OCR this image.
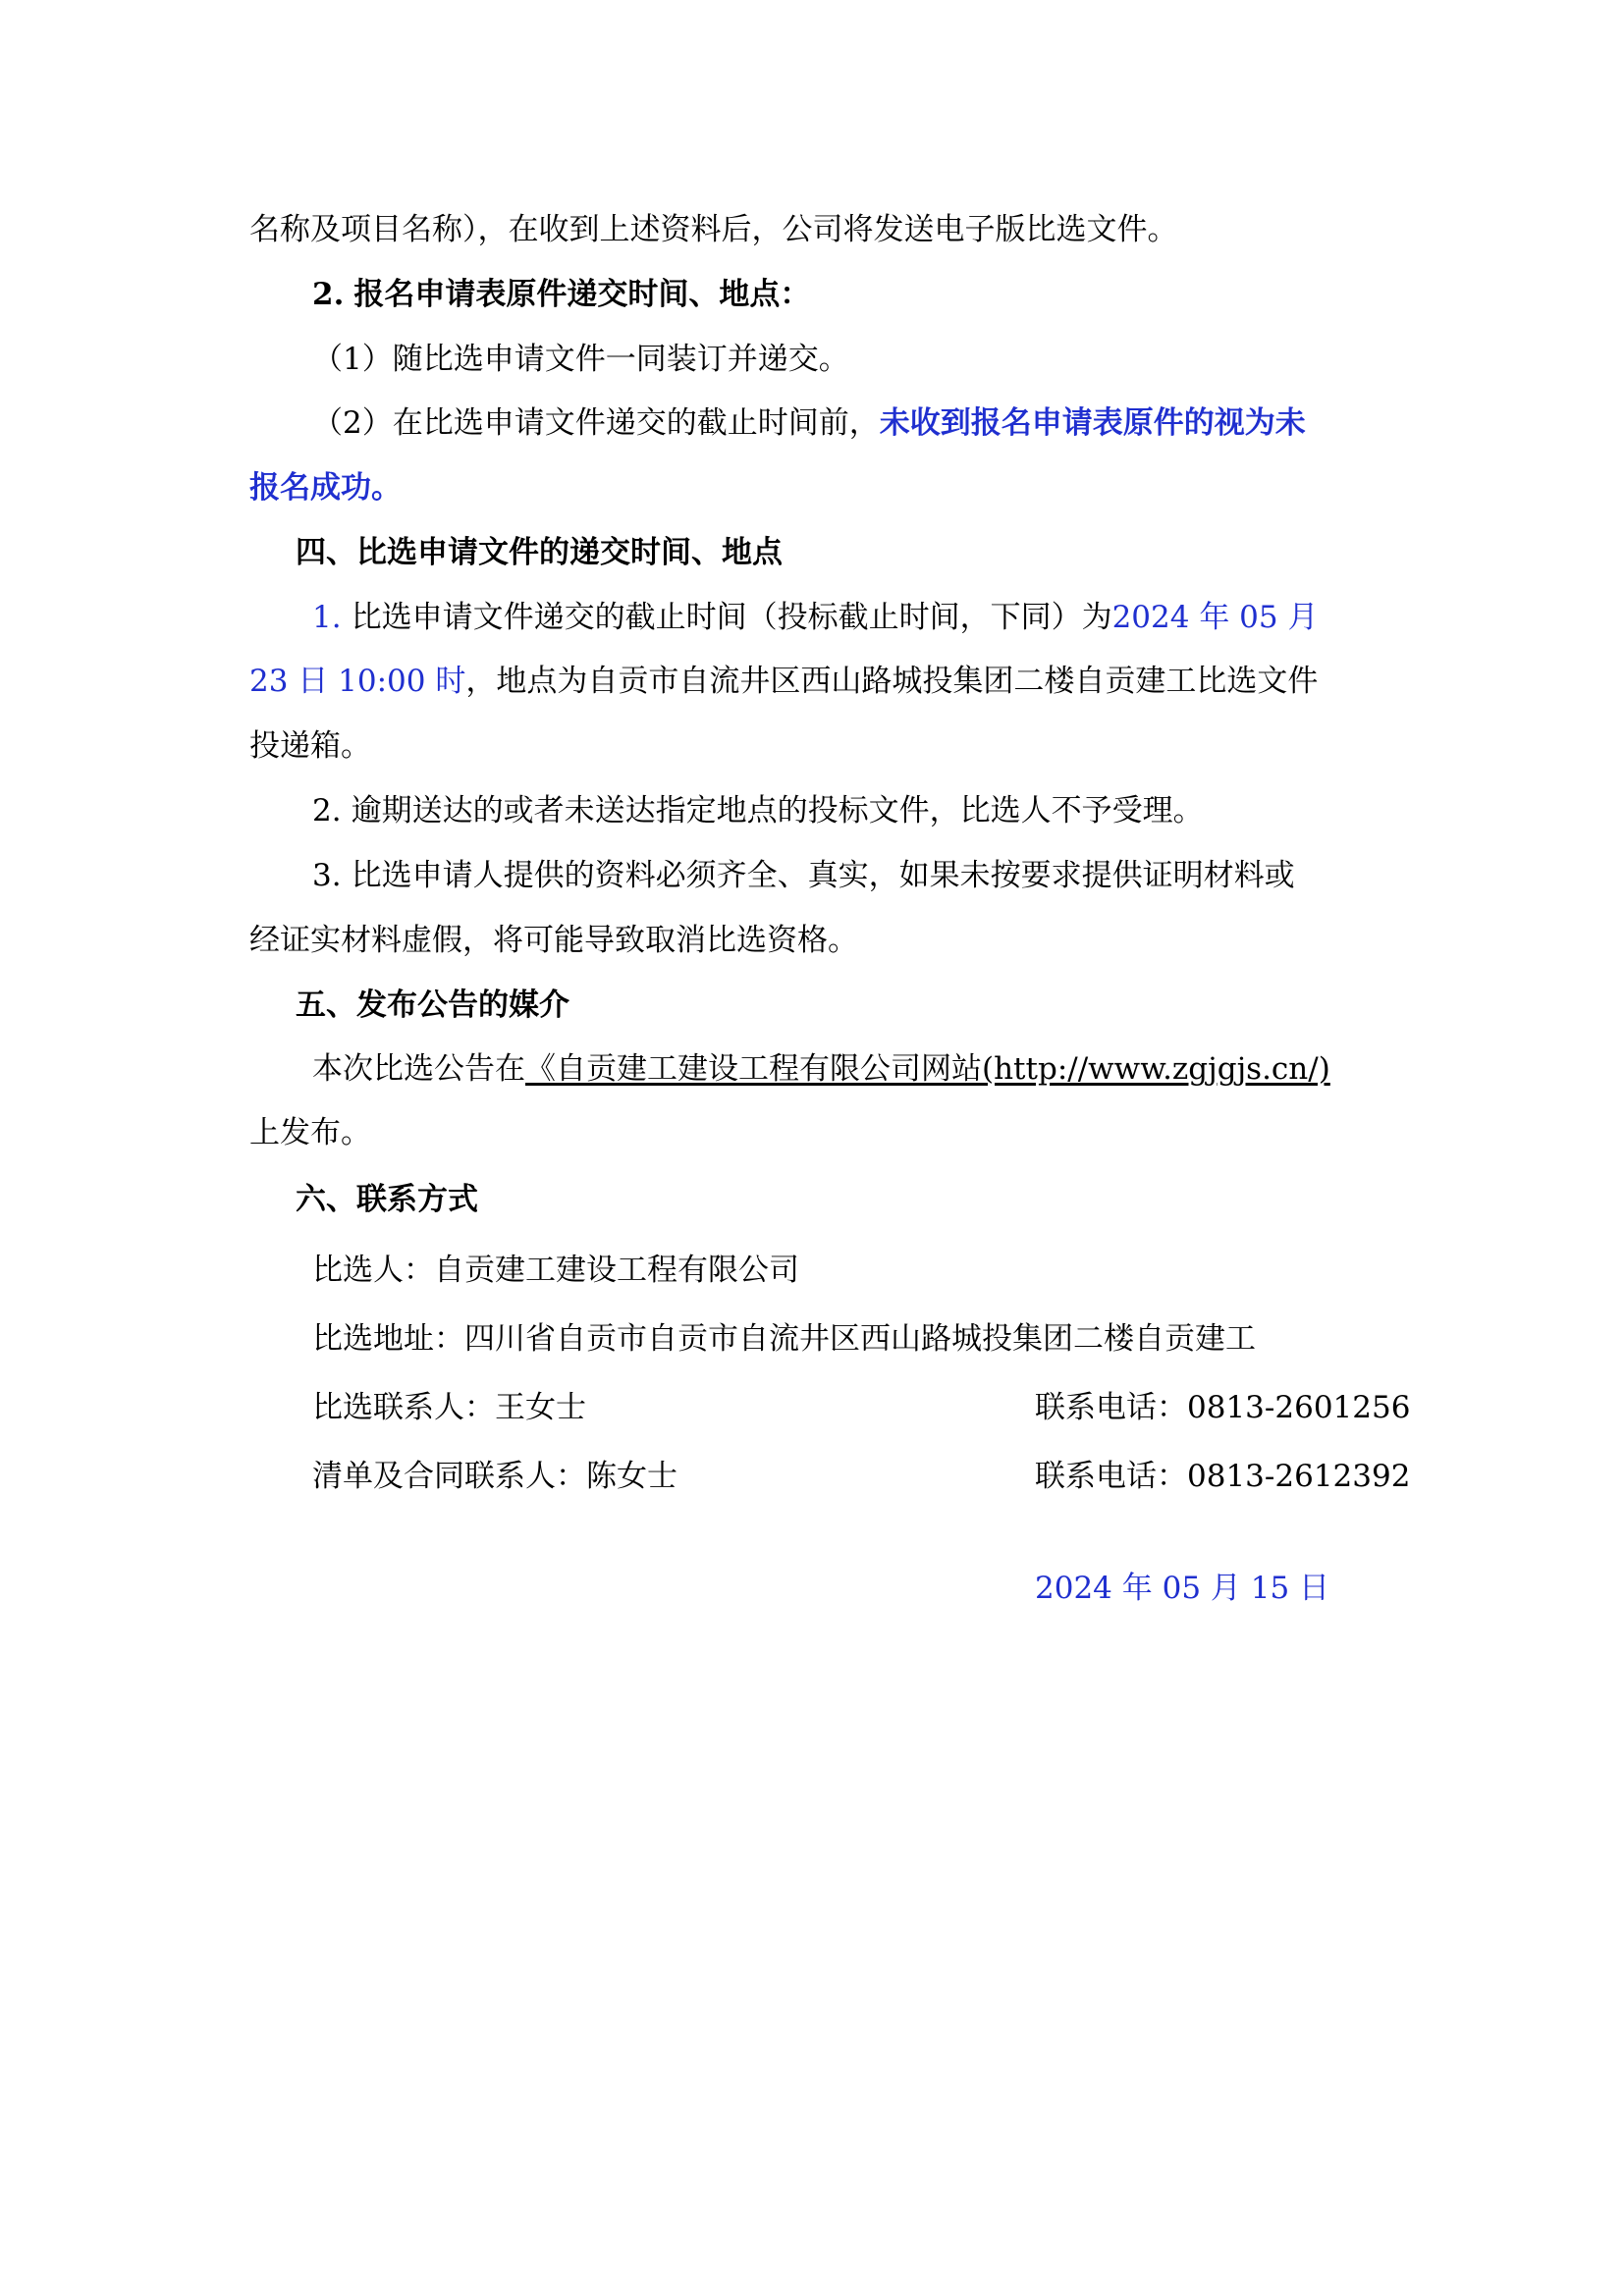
名称及项目名称），在收到上述资料后，公司将发送电子版比选文件。
2. 报名申请表原件递交时间、地点：
（1）随比选申请文件一同装订并递交。
（2）在比选申请文件递交的截止时间前，未收到报名申请表原件的视为未
报名成功。
四、比选申请文件的递交时间、地点
1. 比选申请文件递交的截止时间（投标截止时间，下同）为2024 年 05 月
23 日 10:00 时，地点为自贡市自流井区西山路城投集团二楼自贡建工比选文件
投递箱。
2. 逾期送达的或者未送达指定地点的投标文件，比选人不予受理。
3. 比选申请人提供的资料必须齐全、真实，如果未按要求提供证明材料或
经证实材料虚假，将可能导致取消比选资格。
五、发布公告的媒介
本次比选公告在《自贡建工建设工程有限公司网站(http://www.zgjgjs.cn/)
上发布。
六、联系方式
比选人：自贡建工建设工程有限公司
比选地址：四川省自贡市自贡市自流井区西山路城投集团二楼自贡建工
比选联系人：王女士	联系电话：0813-2601256
清单及合同联系人：陈女士	联系电话：0813-2612392
2024 年 05 月 15 日
